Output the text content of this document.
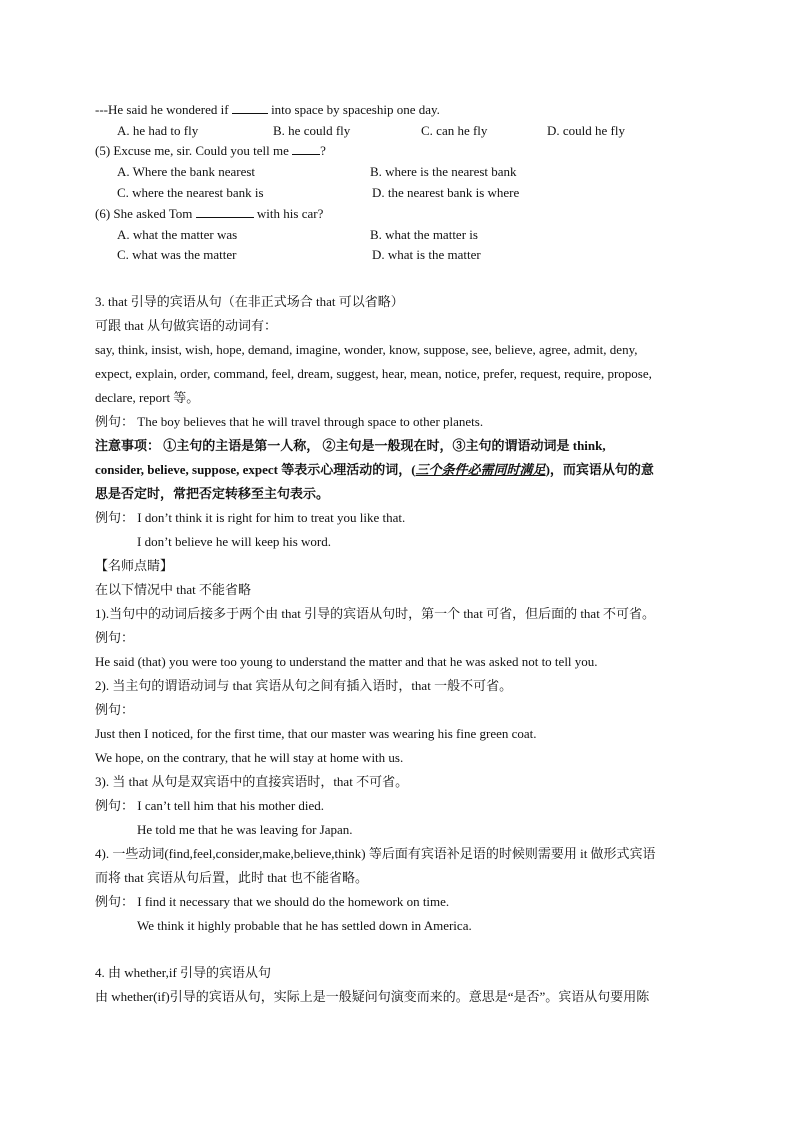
---He said he wondered if	into space by spaceship one day.
A. he had to fly	B. he could fly	C. can he fly	D. could he fly
(5) Excuse me, sir. Could you tell me ?
A. Where the bank nearest	B. where is the nearest bank
C. where the nearest bank is	D. the nearest bank is where
(6) She asked Tom	with his car?
A. what the matter was	B. what the matter is
C. what was the matter	D. what is the matter
3. that 引导的宾语从句（在非正式场合 that 可以省略）
可跟 that 从句做宾语的动词有：
say, think, insist, wish, hope, demand, imagine, wonder, know, suppose, see, believe, agree, admit, deny,
expect, explain, order, command, feel, dream, suggest, hear, mean, notice, prefer, request, require, propose,
declare, report 等。
例句： The boy believes that he will travel through space to other planets.
注意事项： ①主句的主语是第一人称， ②主句是一般现在时，③主句的谓语动词是 think,
consider, believe, suppose, expect 等表示心理活动的词，(三个条件必需同时满足)，而宾语从句的意
思是否定时，常把否定转移至主句表示。
例句： I don’t think it is right for him to treat you like that.
I don’t believe he will keep his word.
【名师点睛】
在以下情况中 that 不能省略
1).当句中的动词后接多于两个由 that 引导的宾语从句时，第一个 that 可省，但后面的 that 不可省。
例句：
He said (that) you were too young to understand the matter and that he was asked not to tell you.
2). 当主句的谓语动词与 that 宾语从句之间有插入语时，that 一般不可省。
例句：
Just then I noticed, for the first time, that our master was wearing his fine green coat.
We hope, on the contrary, that he will stay at home with us.
3). 当 that 从句是双宾语中的直接宾语时，that 不可省。
例句： I can’t tell him that his mother died.
He told me that he was leaving for Japan.
4). 一些动词(find,feel,consider,make,believe,think) 等后面有宾语补足语的时候则需要用 it 做形式宾语
而将 that 宾语从句后置，此时 that 也不能省略。
例句： I find it necessary that we should do the homework on time.
We think it highly probable that he has settled down in America.
4. 由 whether,if 引导的宾语从句
由 whether(if)引导的宾语从句，实际上是一般疑问句演变而来的。意思是“是否”。宾语从句要用陈
